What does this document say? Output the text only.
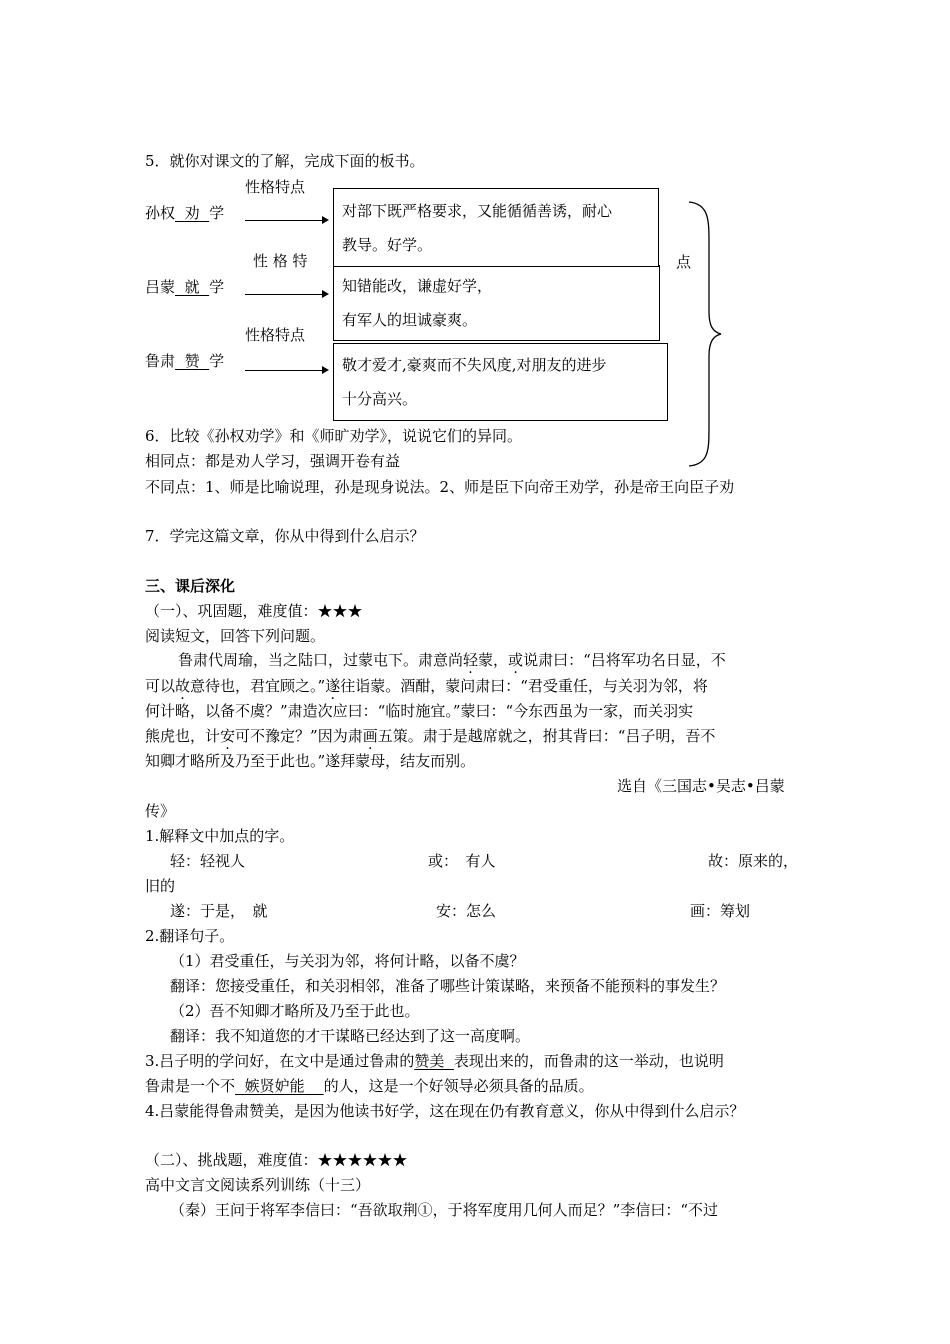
5．就你对课文的了解，完成下面的板书。
性格特点
孙权 劝 学	对部下既严格要求，又能循循善诱，耐心
教导。好学。
性 格 特
吕蒙 就 学	知错能改，谦虚好学，
有军人的坦诚豪爽。
点
性格特点
鲁肃 赞 学	敬才爱才,豪爽而不失风度,对朋友的进步
十分高兴。
6．比较《孙权劝学》和《师旷劝学》，说说它们的异同。
相同点：都是劝人学习，强调开卷有益
不同点：1、师是比喻说理，孙是现身说法。2、师是臣下向帝王劝学，孙是帝王向臣子劝
7．学完这篇文章，你从中得到什么启示？
三、课后深化
（一）、巩固题，难度值：★★★
阅读短文，回答下列问题。
鲁肃代周瑜，当之陆口，过蒙屯下。肃意尚轻蒙，或说肃曰：“吕将军功名日显，不
可以故意待也，君宜顾之。”遂往诣蒙。酒酣，蒙问肃曰：“君受重任，与关羽为邻，将
何计略，以备不虞？”肃造次应曰：“临时施宜。”蒙曰：“今东西虽为一家，而关羽实
熊虎也，计安可不豫定？”因为肃画五策。肃于是越席就之，拊其背曰：“吕子明，吾不
知卿才略所及乃至于此也。”遂拜蒙母，结友而别。
选自《三国志•吴志•吕蒙
传》
1.解释文中加点的字。
轻：轻视人	或：　有人	故：原来的，
旧的
遂：于是，　就	安：怎么	画：筹划
2.翻译句子。
（1）君受重任，与关羽为邻，将何计略，以备不虞？
翻译：您接受重任，和关羽相邻，准备了哪些计策谋略，来预备不能预料的事发生？
（2）吾不知卿才略所及乃至于此也。
翻译：我不知道您的才干谋略已经达到了这一高度啊。
3.吕子明的学问好，在文中是通过鲁肃的赞美 表现出来的，而鲁肃的这一举动，也说明
鲁肃是一个不 嫉贤妒能 的人，这是一个好领导必须具备的品质。
4.吕蒙能得鲁肃赞美，是因为他读书好学，这在现在仍有教育意义，你从中得到什么启示？
（二）、挑战题，难度值：★★★★★★
高中文言文阅读系列训练（十三）
（秦）王问于将军李信曰：“吾欲取荆①，于将军度用几何人而足？”李信曰：“不过
